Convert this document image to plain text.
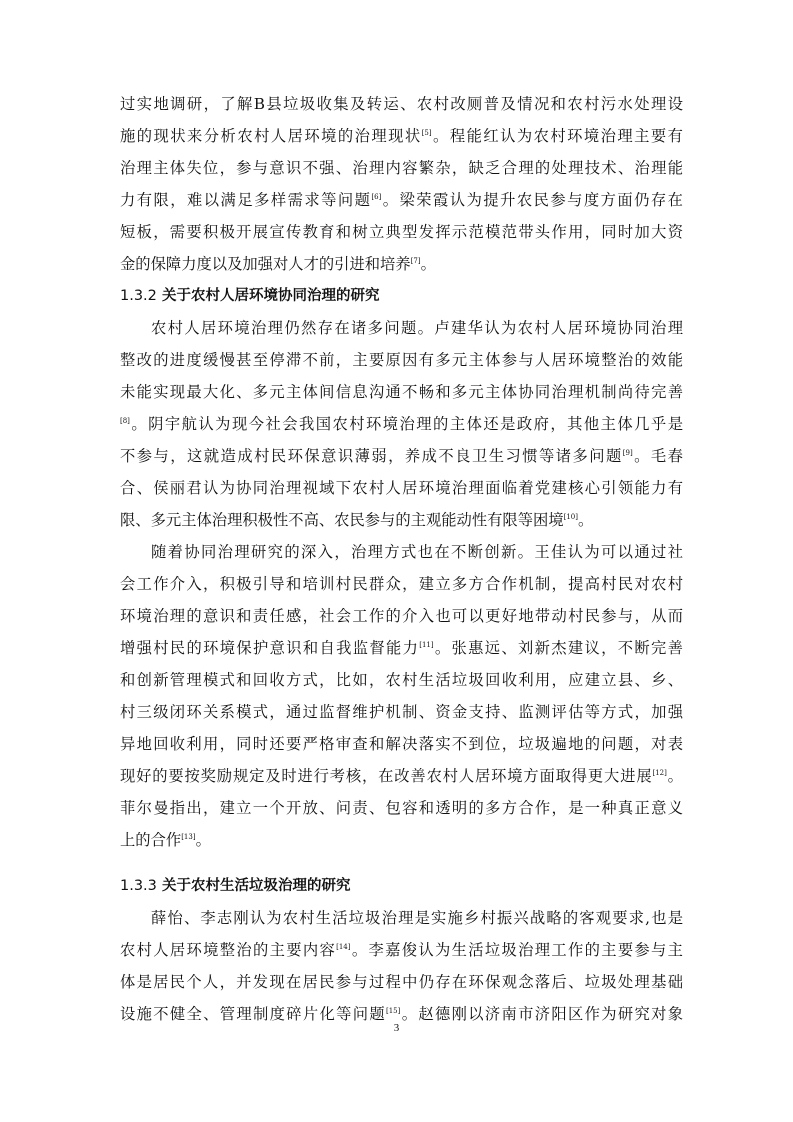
过实地调研，了解B县垃圾收集及转运、农村改厕普及情况和农村污水处理设
施的现状来分析农村人居环境的治理现状[5]。程能红认为农村环境治理主要有
治理主体失位，参与意识不强、治理内容繁杂，缺乏合理的处理技术、治理能
力有限，难以满足多样需求等问题[6]。梁荣霞认为提升农民参与度方面仍存在
短板，需要积极开展宣传教育和树立典型发挥示范模范带头作用，同时加大资
金的保障力度以及加强对人才的引进和培养[7]。
1.3.2 关于农村人居环境协同治理的研究
农村人居环境治理仍然存在诸多问题。卢建华认为农村人居环境协同治理
整改的进度缓慢甚至停滞不前，主要原因有多元主体参与人居环境整治的效能
未能实现最大化、多元主体间信息沟通不畅和多元主体协同治理机制尚待完善
[8]。阴宇航认为现今社会我国农村环境治理的主体还是政府，其他主体几乎是
不参与，这就造成村民环保意识薄弱，养成不良卫生习惯等诸多问题[9]。毛春
合、侯丽君认为协同治理视域下农村人居环境治理面临着党建核心引领能力有
限、多元主体治理积极性不高、农民参与的主观能动性有限等困境[10]。
随着协同治理研究的深入，治理方式也在不断创新。王佳认为可以通过社
会工作介入，积极引导和培训村民群众，建立多方合作机制，提高村民对农村
环境治理的意识和责任感，社会工作的介入也可以更好地带动村民参与，从而
增强村民的环境保护意识和自我监督能力[11]。张惠远、刘新杰建议，不断完善
和创新管理模式和回收方式，比如，农村生活垃圾回收利用，应建立县、乡、
村三级闭环关系模式，通过监督维护机制、资金支持、监测评估等方式，加强
异地回收利用，同时还要严格审查和解决落实不到位，垃圾遍地的问题，对表
现好的要按奖励规定及时进行考核，在改善农村人居环境方面取得更大进展[12]。
菲尔曼指出，建立一个开放、问责、包容和透明的多方合作，是一种真正意义
上的合作[13]。
1.3.3 关于农村生活垃圾治理的研究
薛怡、李志刚认为农村生活垃圾治理是实施乡村振兴战略的客观要求,也是
农村人居环境整治的主要内容[14]。李嘉俊认为生活垃圾治理工作的主要参与主
体是居民个人，并发现在居民参与过程中仍存在环保观念落后、垃圾处理基础
设施不健全、管理制度碎片化等问题[15]。赵德刚以济南市济阳区作为研究对象
3
